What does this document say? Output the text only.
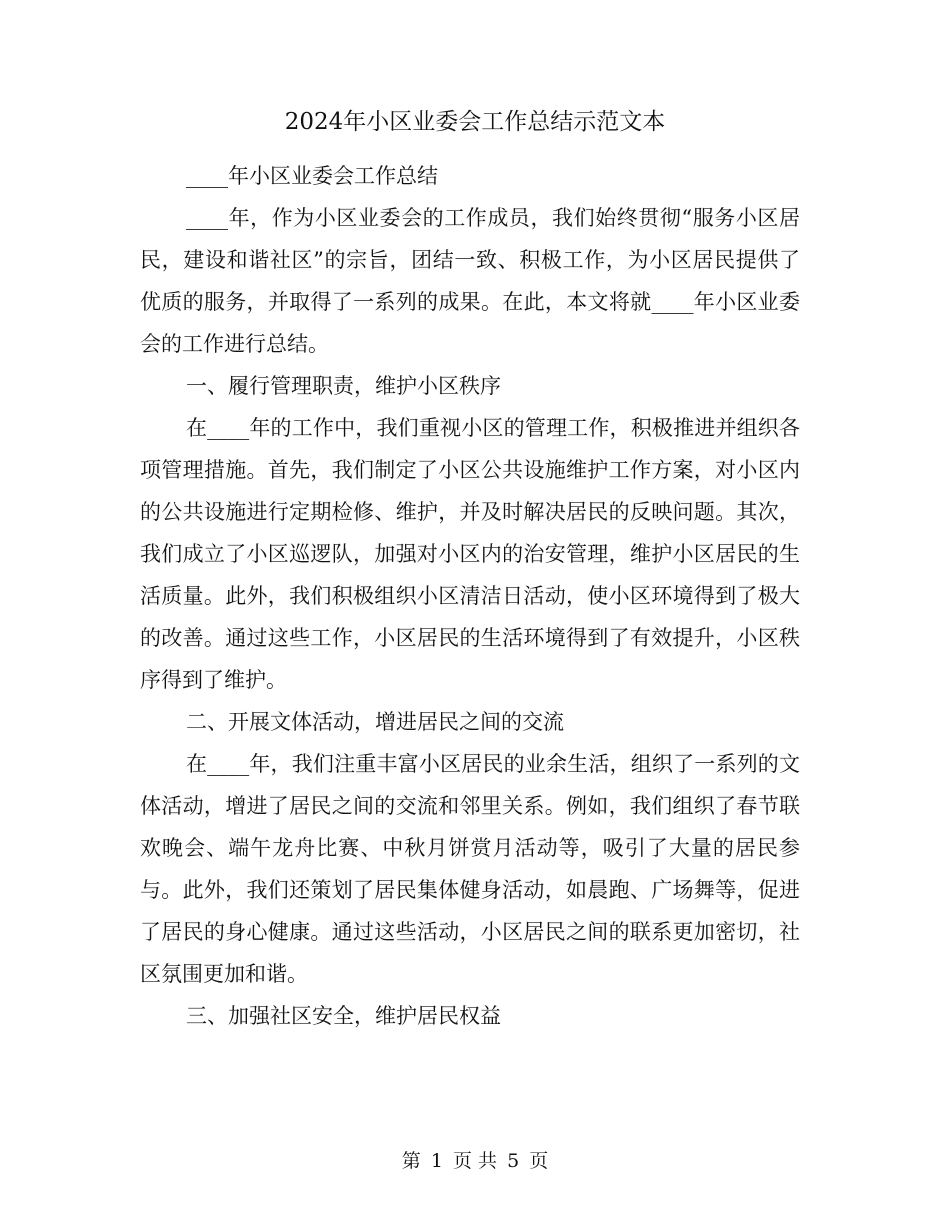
2024年小区业委会工作总结示范文本

____年小区业委会工作总结

____年，作为小区业委会的工作成员，我们始终贯彻“服务小区居民，建设和谐社区”的宗旨，团结一致、积极工作，为小区居民提供了优质的服务，并取得了一系列的成果。在此，本文将就____年小区业委会的工作进行总结。

一、履行管理职责，维护小区秩序

在____年的工作中，我们重视小区的管理工作，积极推进并组织各项管理措施。首先，我们制定了小区公共设施维护工作方案，对小区内的公共设施进行定期检修、维护，并及时解决居民的反映问题。其次，我们成立了小区巡逻队，加强对小区内的治安管理，维护小区居民的生活质量。此外，我们积极组织小区清洁日活动，使小区环境得到了极大的改善。通过这些工作，小区居民的生活环境得到了有效提升，小区秩序得到了维护。

二、开展文体活动，增进居民之间的交流

在____年，我们注重丰富小区居民的业余生活，组织了一系列的文体活动，增进了居民之间的交流和邻里关系。例如，我们组织了春节联欢晚会、端午龙舟比赛、中秋月饼赏月活动等，吸引了大量的居民参与。此外，我们还策划了居民集体健身活动，如晨跑、广场舞等，促进了居民的身心健康。通过这些活动，小区居民之间的联系更加密切，社区氛围更加和谐。

三、加强社区安全，维护居民权益

第 1 页 共 5 页
